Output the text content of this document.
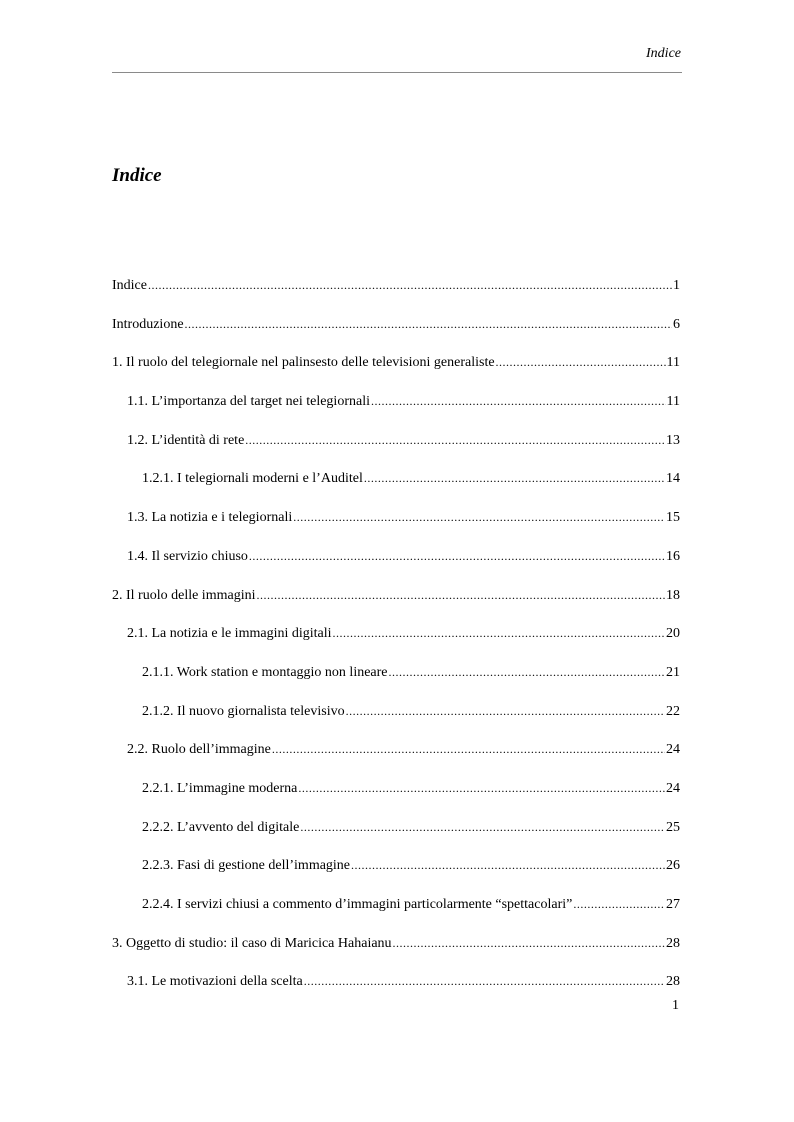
Indice
Indice
Indice .....	1
Introduzione .....	6
1. Il ruolo del telegiornale nel palinsesto delle televisioni generaliste .....	11
1.1. L’importanza del target nei telegiornali .....	11
1.2. L’identità di rete .....	13
1.2.1. I telegiornali moderni e l’Auditel .....	14
1.3. La notizia e i telegiornali .....	15
1.4. Il servizio chiuso .....	16
2. Il ruolo delle immagini .....	18
2.1. La notizia e le immagini digitali .....	20
2.1.1. Work station e montaggio non lineare .....	21
2.1.2. Il nuovo giornalista televisivo .....	22
2.2. Ruolo dell’immagine .....	24
2.2.1. L’immagine moderna .....	24
2.2.2. L’avvento del digitale .....	25
2.2.3. Fasi di gestione dell’immagine .....	26
2.2.4. I servizi chiusi a commento d’immagini particolarmente “spettacolari” .....	27
3. Oggetto di studio: il caso di Maricica Hahaianu .....	28
3.1. Le motivazioni della scelta .....	28
1
